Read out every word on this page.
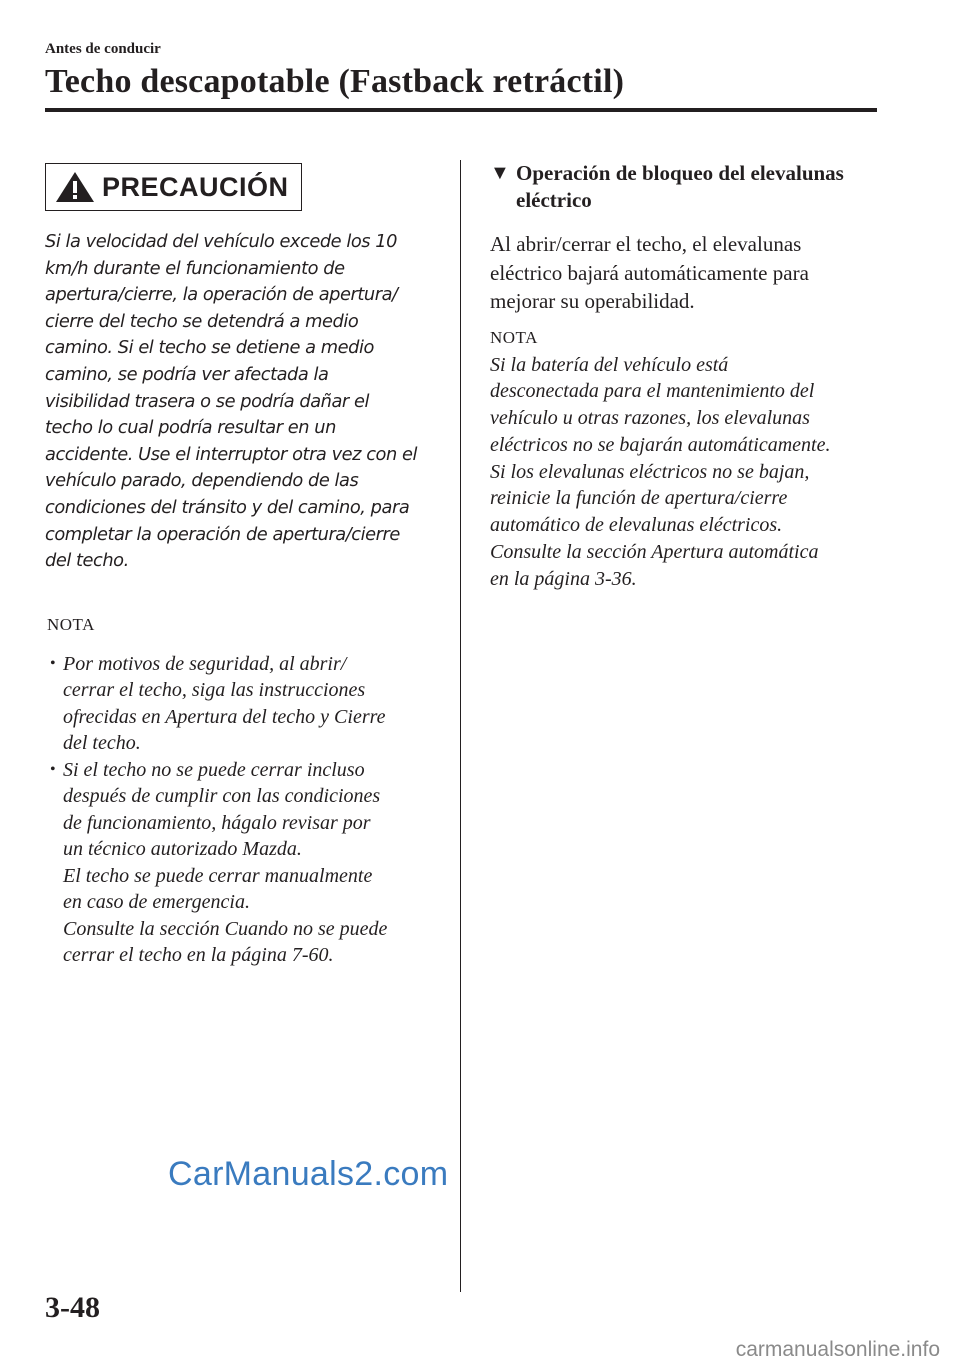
Antes de conducir
Techo descapotable (Fastback retráctil)
PRECAUCIÓN
Si la velocidad del vehículo excede los 10
km/h durante el funcionamiento de
apertura/cierre, la operación de apertura/
cierre del techo se detendrá a medio
camino. Si el techo se detiene a medio
camino, se podría ver afectada la
visibilidad trasera o se podría dañar el
techo lo cual podría resultar en un
accidente. Use el interruptor otra vez con el
vehículo parado, dependiendo de las
condiciones del tránsito y del camino, para
completar la operación de apertura/cierre
del techo.
NOTA
• Por motivos de seguridad, al abrir/
cerrar el techo, siga las instrucciones
ofrecidas en Apertura del techo y Cierre
del techo.
• Si el techo no se puede cerrar incluso
después de cumplir con las condiciones
de funcionamiento, hágalo revisar por
un técnico autorizado Mazda.
El techo se puede cerrar manualmente
en caso de emergencia.
Consulte la sección Cuando no se puede
cerrar el techo en la página 7-60.
▼ Operación de bloqueo del elevalunas
eléctrico
Al abrir/cerrar el techo, el elevalunas
eléctrico bajará automáticamente para
mejorar su operabilidad.
NOTA
Si la batería del vehículo está
desconectada para el mantenimiento del
vehículo u otras razones, los elevalunas
eléctricos no se bajarán automáticamente.
Si los elevalunas eléctricos no se bajan,
reinicie la función de apertura/cierre
automático de elevalunas eléctricos.
Consulte la sección Apertura automática
en la página 3-36.
CarManuals2.com
3-48
carmanualsonline.info
